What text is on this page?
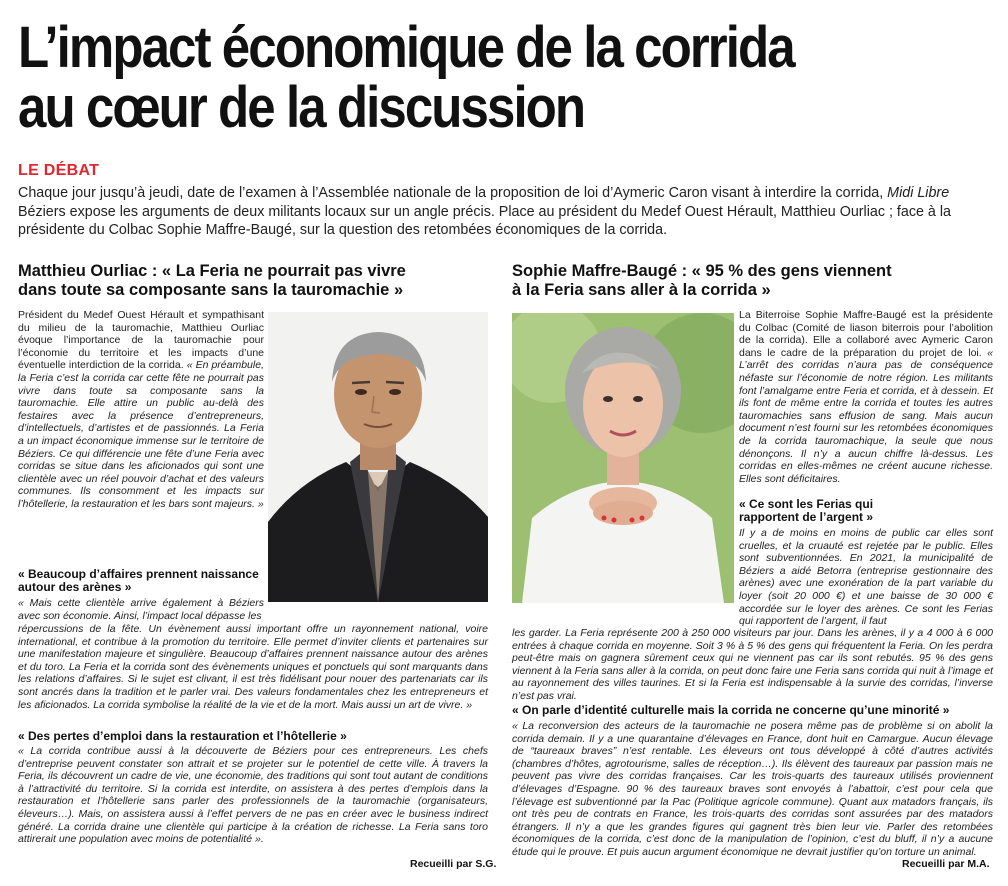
L’impact économique de la corrida
au cœur de la discussion
LE DÉBAT

Chaque jour jusqu’à jeudi, date de l’examen à l’Assemblée nationale de la proposition de loi d’Aymeric Caron visant à interdire la corrida, Midi Libre Béziers expose les arguments de deux militants locaux sur un angle précis. Place au président du Medef Ouest Hérault, Matthieu Ourliac ; face à la présidente du Colbac Sophie Maffre-Baugé, sur la question des retombées économiques de la corrida.

Matthieu Ourliac : « La Feria ne pourrait pas vivre
dans toute sa composante sans la tauromachie »

Président du Medef Ouest Hérault et sympathisant du milieu de la tauromachie, Matthieu Ourliac évoque l’importance de la tauromachie pour l’économie du territoire et les impacts d’une éventuelle interdiction de la corrida. « En préambule, la Feria c’est la corrida car cette fête ne pourrait pas vivre dans toute sa composante sans la tauromachie. Elle attire un public au-delà des festaires avec la présence d’entrepreneurs, d’intellectuels, d’artistes et de passionnés. La Feria a un impact économique immense sur le territoire de Béziers. Ce qui différencie une fête d’une Feria avec corridas se situe dans les aficionados qui sont une clientèle avec un réel pouvoir d’achat et des valeurs communes. Ils consomment et les impacts sur l’hôtellerie, la restauration et les bars sont majeurs. »

« Beaucoup d’affaires prennent naissance
autour des arènes »

« Mais cette clientèle arrive également à Béziers avec son économie. Ainsi, l’impact local dépasse les

répercussions de la fête. Un évènement aussi important offre un rayonnement national, voire international, et contribue à la promotion du territoire. Elle permet d’inviter clients et partenaires sur une manifestation majeure et singulière. Beaucoup d’affaires prennent naissance autour des arènes et du toro. La Feria et la corrida sont des évènements uniques et ponctuels qui sont marquants dans les relations d’affaires. Si le sujet est clivant, il est très fidélisant pour nouer des partenariats car ils sont ancrés dans la tradition et le parler vrai. Des valeurs fondamentales chez les entrepreneurs et les aficionados. La corrida symbolise la réalité de la vie et de la mort. Mais aussi un art de vivre. »

« Des pertes d’emploi dans la restauration et l’hôtellerie »

« La corrida contribue aussi à la découverte de Béziers pour ces entrepreneurs. Les chefs d’entreprise peuvent constater son attrait et se projeter sur le potentiel de cette ville. À travers la Feria, ils découvrent un cadre de vie, une économie, des traditions qui sont tout autant de conditions à l’attractivité du territoire. Si la corrida est interdite, on assistera à des pertes d’emplois dans la restauration et l’hôtellerie sans parler des professionnels de la tauromachie (organisateurs, éleveurs…). Mais, on assistera aussi à l’effet pervers de ne pas en créer avec le business indirect généré. La corrida draine une clientèle qui participe à la création de richesse. La Feria sans toro attirerait une population avec moins de potentialité ».

Recueilli par S.G.
Sophie Maffre-Baugé : « 95 % des gens viennent
à la Feria sans aller à la corrida »

La Biterroise Sophie Maffre-Baugé est la présidente du Colbac (Comité de liason biterrois pour l’abolition de la corrida). Elle a collaboré avec Aymeric Caron dans le cadre de la préparation du projet de loi. « L’arrêt des corridas n’aura pas de conséquence néfaste sur l’économie de notre région. Les militants font l’amalgame entre Feria et corrida, et à dessein. Et ils font de même entre la corrida et toutes les autres tauromachies sans effusion de sang. Mais aucun document n’est fourni sur les retombées économiques de la corrida tauromachique, la seule que nous dénonçons. Il n’y a aucun chiffre là-dessus. Les corridas en elles-mêmes ne créent aucune richesse. Elles sont déficitaires.

« Ce sont les Ferias qui
rapportent de l’argent »

Il y a de moins en moins de public car elles sont cruelles, et la cruauté est rejetée par le public. Elles sont subventionnées. En 2021, la municipalité de Béziers a aidé Betorra (entreprise gestionnaire des arènes) avec une exonération de la part variable du loyer (soit 20 000 €) et une baisse de 30 000 € accordée sur le loyer des arènes. Ce sont les Ferias qui rapportent de l’argent, il faut

les garder. La Feria représente 200 à 250 000 visiteurs par jour. Dans les arènes, il y a 4 000 à 6 000 entrées à chaque corrida en moyenne. Soit 3 % à 5 % des gens qui fréquentent la Feria. On les perdra peut-être mais on gagnera sûrement ceux qui ne viennent pas car ils sont rebutés. 95 % des gens viennent à la Feria sans aller à la corrida, on peut donc faire une Feria sans corrida qui nuit à l’image et au rayonnement des villes taurines. Et si la Feria est indispensable à la survie des corridas, l’inverse n’est pas vrai.

« On parle d’identité culturelle mais la corrida ne concerne qu’une minorité »

« La reconversion des acteurs de la tauromachie ne posera même pas de problème si on abolit la corrida demain. Il y a une quarantaine d’élevages en France, dont huit en Camargue. Aucun élevage de “taureaux braves” n’est rentable. Les éleveurs ont tous développé à côté d’autres activités (chambres d’hôtes, agrotourisme, salles de réception…). Ils élèvent des taureaux par passion mais ne peuvent pas vivre des corridas françaises. Car les trois-quarts des taureaux utilisés proviennent d’élevages d’Espagne. 90 % des taureaux braves sont envoyés à l’abattoir, c’est pour cela que l’élevage est subventionné par la Pac (Politique agricole commune). Quant aux matadors français, ils ont très peu de contrats en France, les trois-quarts des corridas sont assurées par des matadors étrangers. Il n’y a que les grandes figures qui gagnent très bien leur vie. Parler des retombées économiques de la corrida, c’est donc de la manipulation de l’opinion, c’est du bluff, il n’y a aucune étude qui le prouve. Et puis aucun argument économique ne devrait justifier qu’on torture un animal.

Recueilli par M.A.
